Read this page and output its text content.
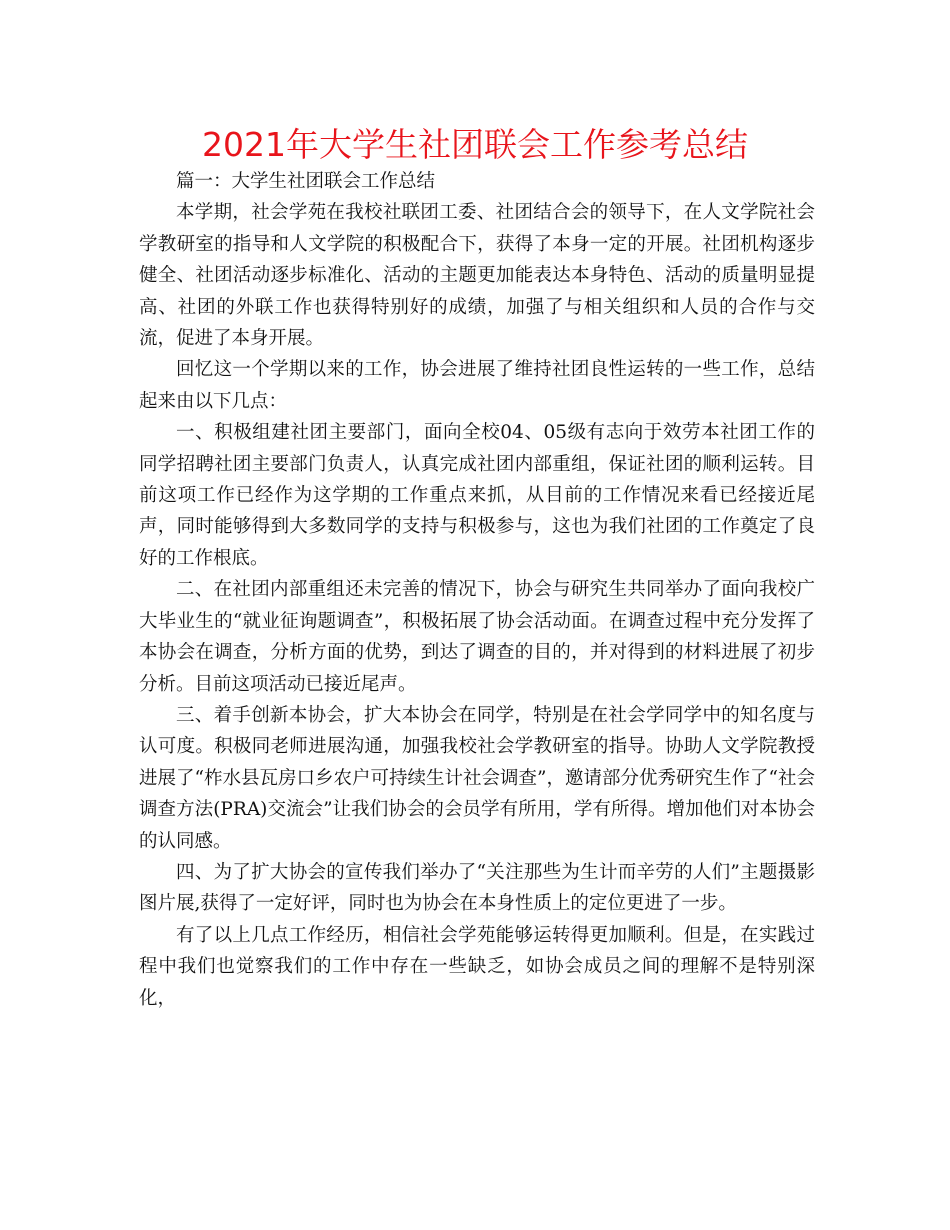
2021年大学生社团联会工作参考总结

篇一：大学生社团联会工作总结

本学期，社会学苑在我校社联团工委、社团结合会的领导下，在人文学院社会学教研室的指导和人文学院的积极配合下，获得了本身一定的开展。社团机构逐步健全、社团活动逐步标准化、活动的主题更加能表达本身特色、活动的质量明显提高、社团的外联工作也获得特别好的成绩，加强了与相关组织和人员的合作与交流，促进了本身开展。

回忆这一个学期以来的工作，协会进展了维持社团良性运转的一些工作，总结起来由以下几点：

一、积极组建社团主要部门，面向全校04、05级有志向于效劳本社团工作的同学招聘社团主要部门负责人，认真完成社团内部重组，保证社团的顺利运转。目前这项工作已经作为这学期的工作重点来抓，从目前的工作情况来看已经接近尾声，同时能够得到大多数同学的支持与积极参与，这也为我们社团的工作奠定了良好的工作根底。

二、在社团内部重组还未完善的情况下，协会与研究生共同举办了面向我校广大毕业生的“就业征询题调查”，积极拓展了协会活动面。在调查过程中充分发挥了本协会在调查，分析方面的优势，到达了调查的目的，并对得到的材料进展了初步分析。目前这项活动已接近尾声。

三、着手创新本协会，扩大本协会在同学，特别是在社会学同学中的知名度与认可度。积极同老师进展沟通，加强我校社会学教研室的指导。协助人文学院教授进展了“柞水县瓦房口乡农户可持续生计社会调查”，邀请部分优秀研究生作了“社会调查方法(PRA)交流会”让我们协会的会员学有所用，学有所得。增加他们对本协会的认同感。

四、为了扩大协会的宣传我们举办了“关注那些为生计而辛劳的人们”主题摄影图片展,获得了一定好评，同时也为协会在本身性质上的定位更进了一步。

有了以上几点工作经历，相信社会学苑能够运转得更加顺利。但是，在实践过程中我们也觉察我们的工作中存在一些缺乏，如协会成员之间的理解不是特别深化，
